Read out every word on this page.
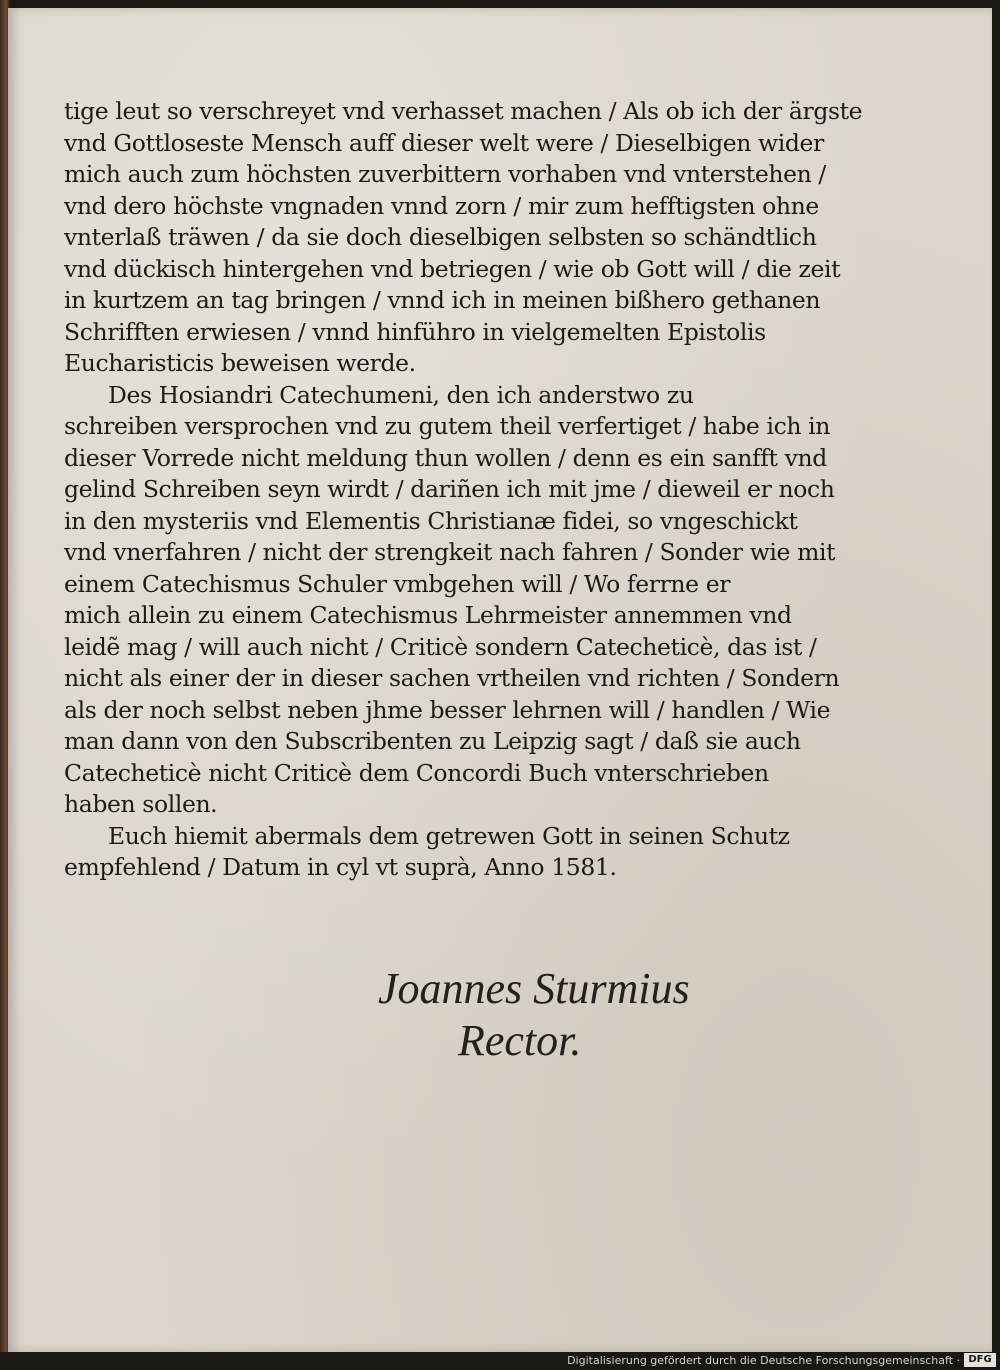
tige leut so verschreyet vnd verhasset machen / Als ob ich der ärgste
vnd Gottloseste Mensch auff dieser welt were / Dieselbigen wider
mich auch zum höchsten zuverbittern vorhaben vnd vnterstehen /
vnd dero höchste vngnaden vnnd zorn / mir zum hefftigsten ohne
vnterlaß träwen / da sie doch dieselbigen selbsten so schändtlich
vnd dückisch hintergehen vnd betriegen / wie ob Gott will / die zeit
in kurtzem an tag bringen / vnnd ich in meinen bißhero gethanen
Schrifften erwiesen / vnnd hinführo in vielgemelten Epistolis
Eucharisticis beweisen werde.
Des Hosiandri Catechumeni, den ich anderstwo zu
schreiben versprochen vnd zu gutem theil verfertiget / habe ich in
dieser Vorrede nicht meldung thun wollen / denn es ein sanfft vnd
gelind Schreiben seyn wirdt / dariñen ich mit jme / dieweil er noch
in den mysteriis vnd Elementis Christianæ fidei, so vngeschickt
vnd vnerfahren / nicht der strengkeit nach fahren / Sonder wie mit
einem Catechismus Schuler vmbgehen will / Wo ferrne er
mich allein zu einem Catechismus Lehrmeister annemmen vnd
leidẽ mag / will auch nicht / Criticè sondern Catecheticè, das ist /
nicht als einer der in dieser sachen vrtheilen vnd richten / Sondern
als der noch selbst neben jhme besser lehrnen will / handlen / Wie
man dann von den Subscribenten zu Leipzig sagt / daß sie auch
Catecheticè nicht Criticè dem Concordi Buch vnterschrieben
haben sollen.
Euch hiemit abermals dem getrewen Gott in seinen Schutz
empfehlend / Datum in cyl vt suprà, Anno 1581.
Joannes Sturmius
Rector.
Digitalisierung gefördert durch die Deutsche Forschungsgemeinschaft · DFG
